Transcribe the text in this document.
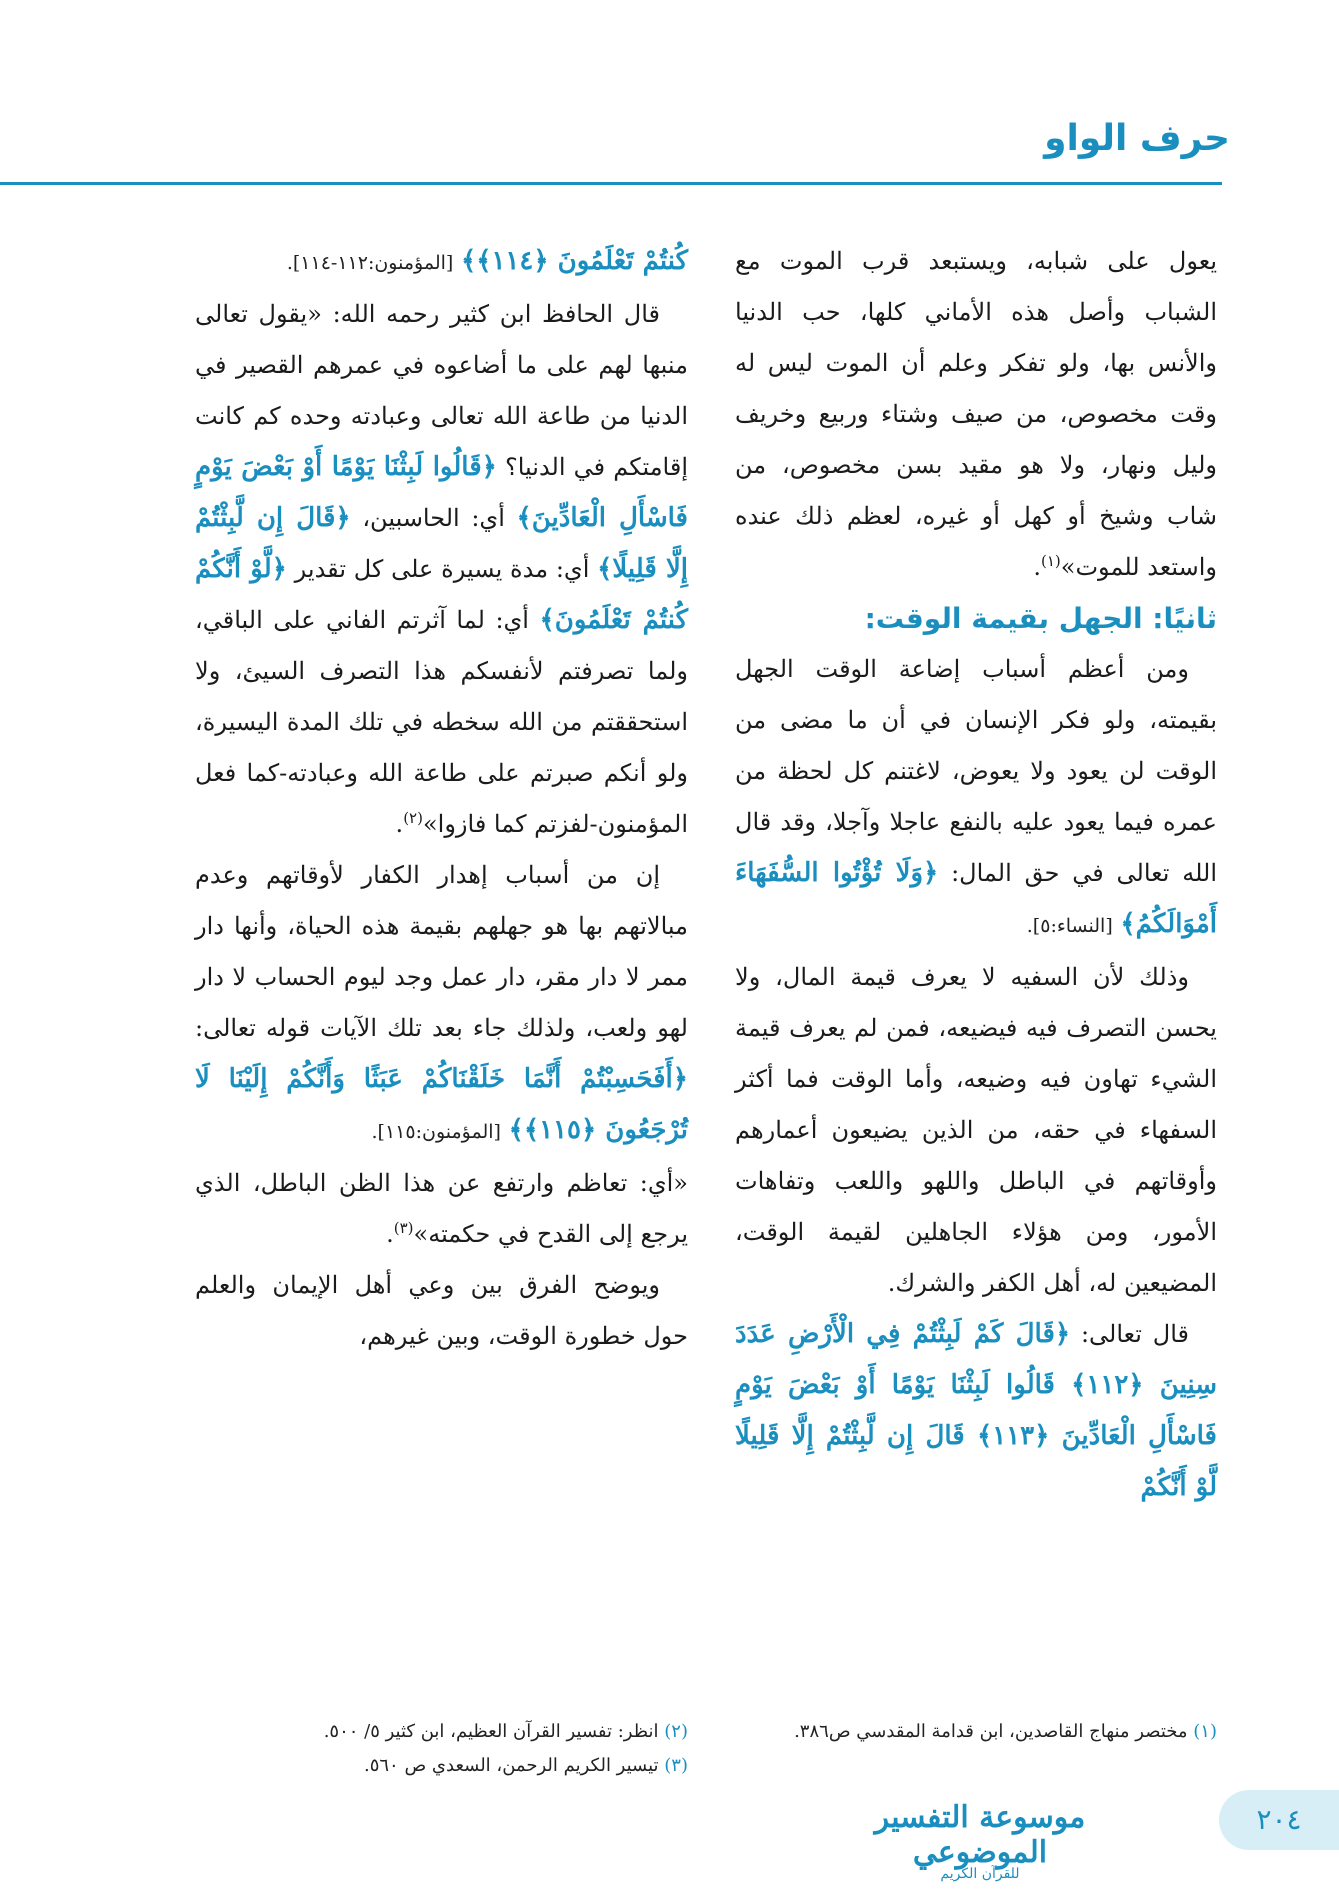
حرف الواو

يعول على شبابه، ويستبعد قرب الموت مع الشباب وأصل هذه الأماني كلها، حب الدنيا والأنس بها، ولو تفكر وعلم أن الموت ليس له وقت مخصوص، من صيف وشتاء وربيع وخريف وليل ونهار، ولا هو مقيد بسن مخصوص، من شاب وشيخ أو كهل أو غيره، لعظم ذلك عنده واستعد للموت»$^{(١)}$.

ثانيًا: الجهل بقيمة الوقت:

ومن أعظم أسباب إضاعة الوقت الجهل بقيمته، ولو فكر الإنسان في أن ما مضى من الوقت لن يعود ولا يعوض، لاغتنم كل لحظة من عمره فيما يعود عليه بالنفع عاجلا وآجلا، وقد قال الله تعالى في حق المال: ﴿وَلَا تُؤْتُوا السُّفَهَاءَ أَمْوَالَكُمُ﴾ [النساء:٥].

وذلك لأن السفيه لا يعرف قيمة المال، ولا يحسن التصرف فيه فيضيعه، فمن لم يعرف قيمة الشيء تهاون فيه وضيعه، وأما الوقت فما أكثر السفهاء في حقه، من الذين يضيعون أعمارهم وأوقاتهم في الباطل واللهو واللعب وتفاهات الأمور، ومن هؤلاء الجاهلين لقيمة الوقت، المضيعين له، أهل الكفر والشرك.

قال تعالى: ﴿قَالَ كَمْ لَبِثْتُمْ فِي الْأَرْضِ عَدَدَ سِنِينَ ﴿١١٢﴾ قَالُوا لَبِثْنَا يَوْمًا أَوْ بَعْضَ يَوْمٍ فَاسْأَلِ الْعَادِّينَ ﴿١١٣﴾ قَالَ إِن لَّبِثْتُمْ إِلَّا قَلِيلًا لَّوْ أَنَّكُمْ

كُنتُمْ تَعْلَمُونَ ﴿١١٤﴾﴾ [المؤمنون:١١٢-١١٤].

قال الحافظ ابن كثير رحمه الله: «يقول تعالى منبها لهم على ما أضاعوه في عمرهم القصير في الدنيا من طاعة الله تعالى وعبادته وحده كم كانت إقامتكم في الدنيا؟ ﴿قَالُوا لَبِثْنَا يَوْمًا أَوْ بَعْضَ يَوْمٍ فَاسْأَلِ الْعَادِّينَ﴾ أي: الحاسبين، ﴿قَالَ إِن لَّبِثْتُمْ إِلَّا قَلِيلًا﴾ أي: مدة يسيرة على كل تقدير ﴿لَّوْ أَنَّكُمْ كُنتُمْ تَعْلَمُونَ﴾ أي: لما آثرتم الفاني على الباقي، ولما تصرفتم لأنفسكم هذا التصرف السيئ، ولا استحققتم من الله سخطه في تلك المدة اليسيرة، ولو أنكم صبرتم على طاعة الله وعبادته-كما فعل المؤمنون-لفزتم كما فازوا»$^{(٢)}$.

إن من أسباب إهدار الكفار لأوقاتهم وعدم مبالاتهم بها هو جهلهم بقيمة هذه الحياة، وأنها دار ممر لا دار مقر، دار عمل وجد ليوم الحساب لا دار لهو ولعب، ولذلك جاء بعد تلك الآيات قوله تعالى: ﴿أَفَحَسِبْتُمْ أَنَّمَا خَلَقْنَاكُمْ عَبَثًا وَأَنَّكُمْ إِلَيْنَا لَا تُرْجَعُونَ ﴿١١٥﴾﴾ [المؤمنون:١١٥].

«أي: تعاظم وارتفع عن هذا الظن الباطل، الذي يرجع إلى القدح في حكمته»$^{(٣)}$.

ويوضح الفرق بين وعي أهل الإيمان والعلم حول خطورة الوقت، وبين غيرهم،

(١) مختصر منهاج القاصدين، ابن قدامة المقدسي ص٣٨٦.
(٢) انظر: تفسير القرآن العظيم، ابن كثير ٥/ ٥٠٠.
(٣) تيسير الكريم الرحمن، السعدي ص ٥٦٠.
موسوعة التفسير الموضوعي
للقرآن الكريم
٢٠٤
